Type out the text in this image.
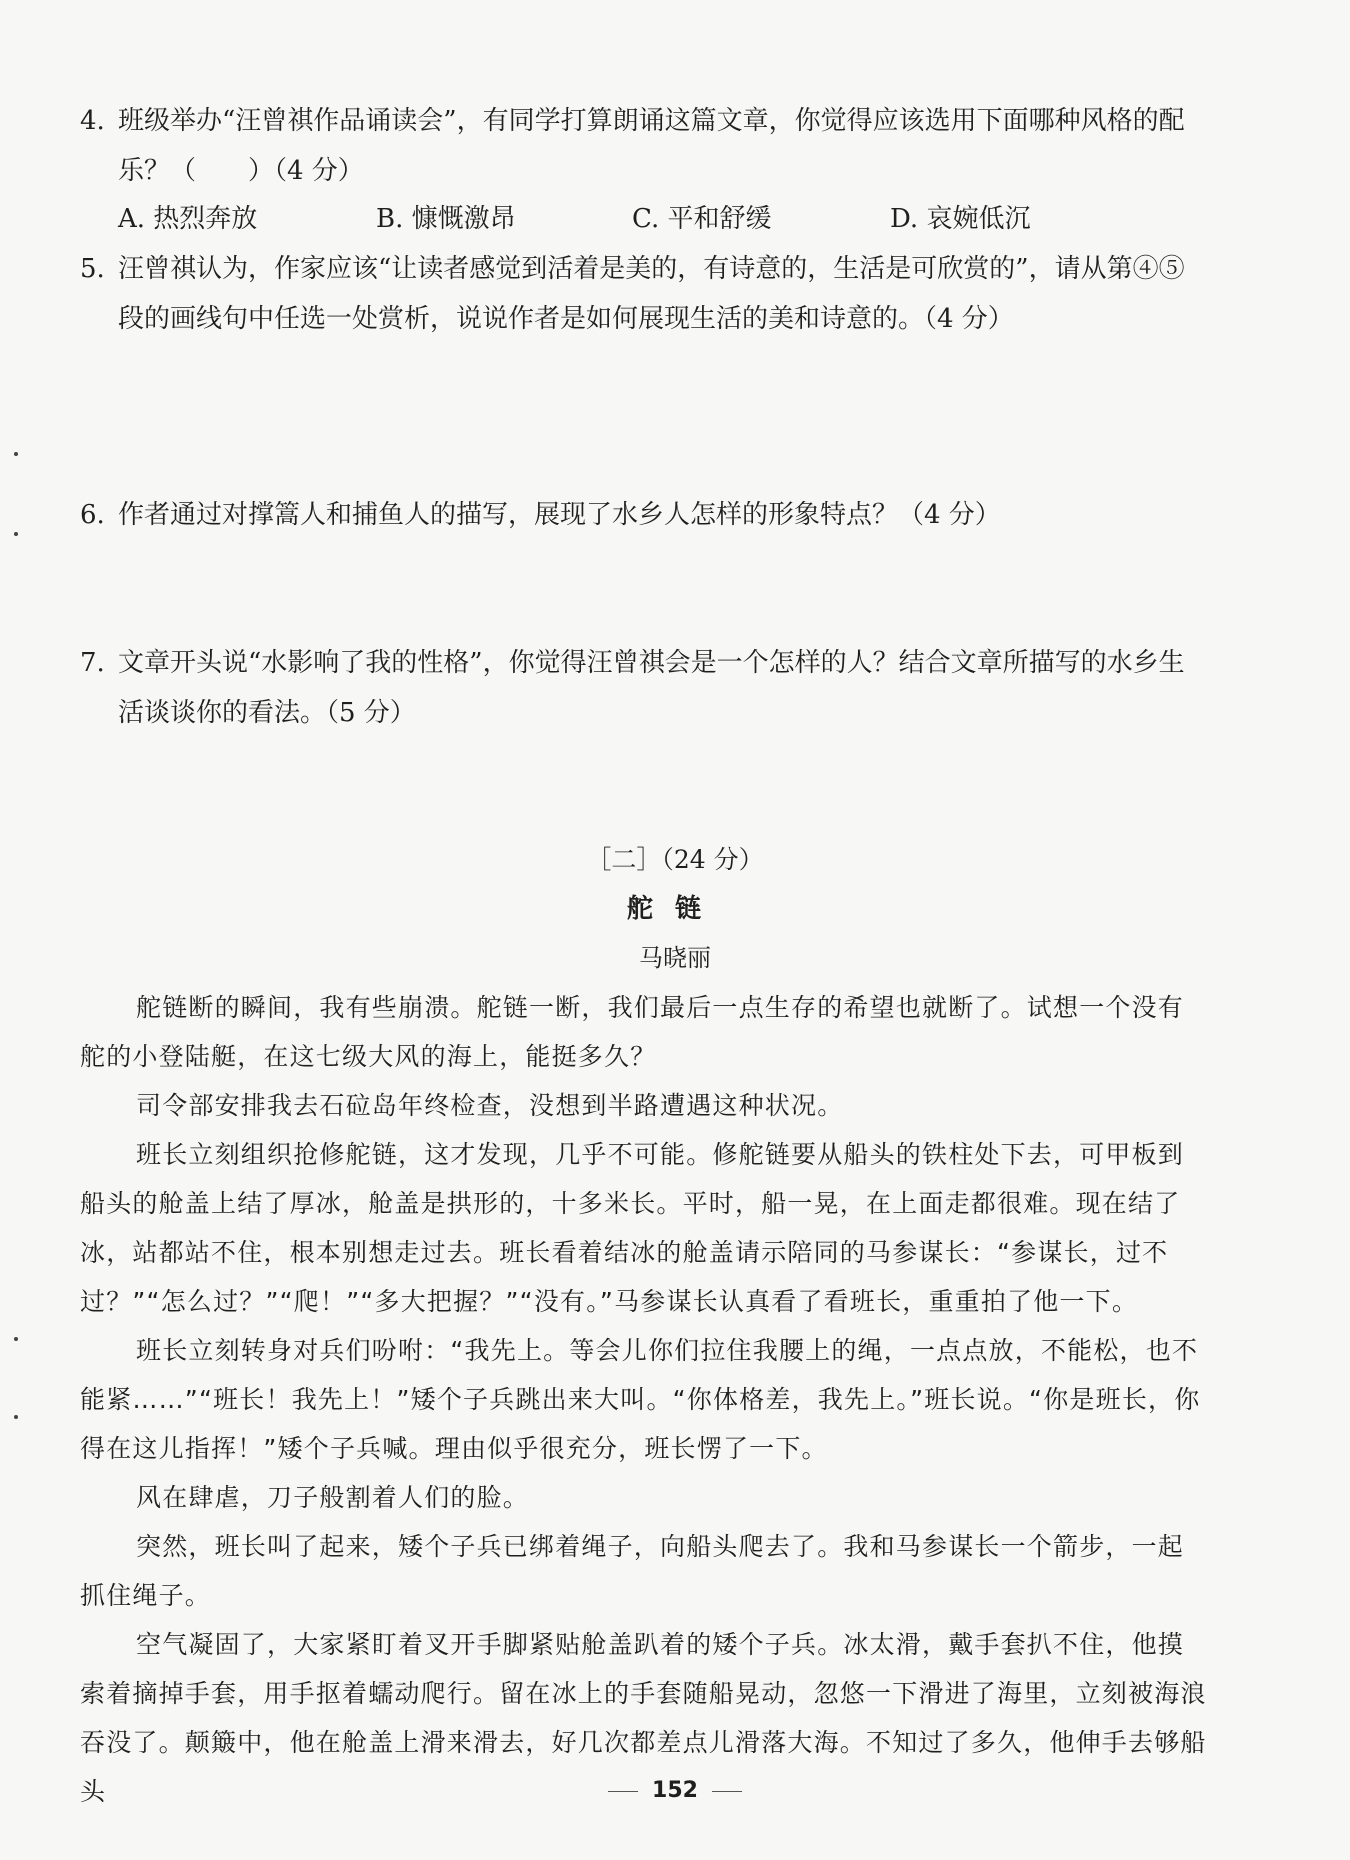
4. 班级举办“汪曾祺作品诵读会”，有同学打算朗诵这篇文章，你觉得应该选用下面哪种风格的配乐？（　　）（4 分）
A. 热烈奔放	B. 慷慨激昂	C. 平和舒缓	D. 哀婉低沉
5. 汪曾祺认为，作家应该“让读者感觉到活着是美的，有诗意的，生活是可欣赏的”，请从第④⑤段的画线句中任选一处赏析，说说作者是如何展现生活的美和诗意的。（4 分）
6. 作者通过对撑篙人和捕鱼人的描写，展现了水乡人怎样的形象特点？（4 分）
7. 文章开头说“水影响了我的性格”，你觉得汪曾祺会是一个怎样的人？结合文章所描写的水乡生活谈谈你的看法。（5 分）
［二］（24 分）
舵链
马晓丽

舵链断的瞬间，我有些崩溃。舵链一断，我们最后一点生存的希望也就断了。试想一个没有舵的小登陆艇，在这七级大风的海上，能挺多久？

司令部安排我去石砬岛年终检查，没想到半路遭遇这种状况。

班长立刻组织抢修舵链，这才发现，几乎不可能。修舵链要从船头的铁柱处下去，可甲板到船头的舱盖上结了厚冰，舱盖是拱形的，十多米长。平时，船一晃，在上面走都很难。现在结了冰，站都站不住，根本别想走过去。班长看着结冰的舱盖请示陪同的马参谋长：“参谋长，过不过？”“怎么过？”“爬！”“多大把握？”“没有。”马参谋长认真看了看班长，重重拍了他一下。

班长立刻转身对兵们吩咐：“我先上。等会儿你们拉住我腰上的绳，一点点放，不能松，也不能紧……”“班长！我先上！”矮个子兵跳出来大叫。“你体格差，我先上。”班长说。“你是班长，你得在这儿指挥！”矮个子兵喊。理由似乎很充分，班长愣了一下。

风在肆虐，刀子般割着人们的脸。

突然，班长叫了起来，矮个子兵已绑着绳子，向船头爬去了。我和马参谋长一个箭步，一起抓住绳子。

空气凝固了，大家紧盯着叉开手脚紧贴舱盖趴着的矮个子兵。冰太滑，戴手套扒不住，他摸索着摘掉手套，用手抠着蠕动爬行。留在冰上的手套随船晃动，忽悠一下滑进了海里，立刻被海浪吞没了。颠簸中，他在舱盖上滑来滑去，好几次都差点儿滑落大海。不知过了多久，他伸手去够船头	152
